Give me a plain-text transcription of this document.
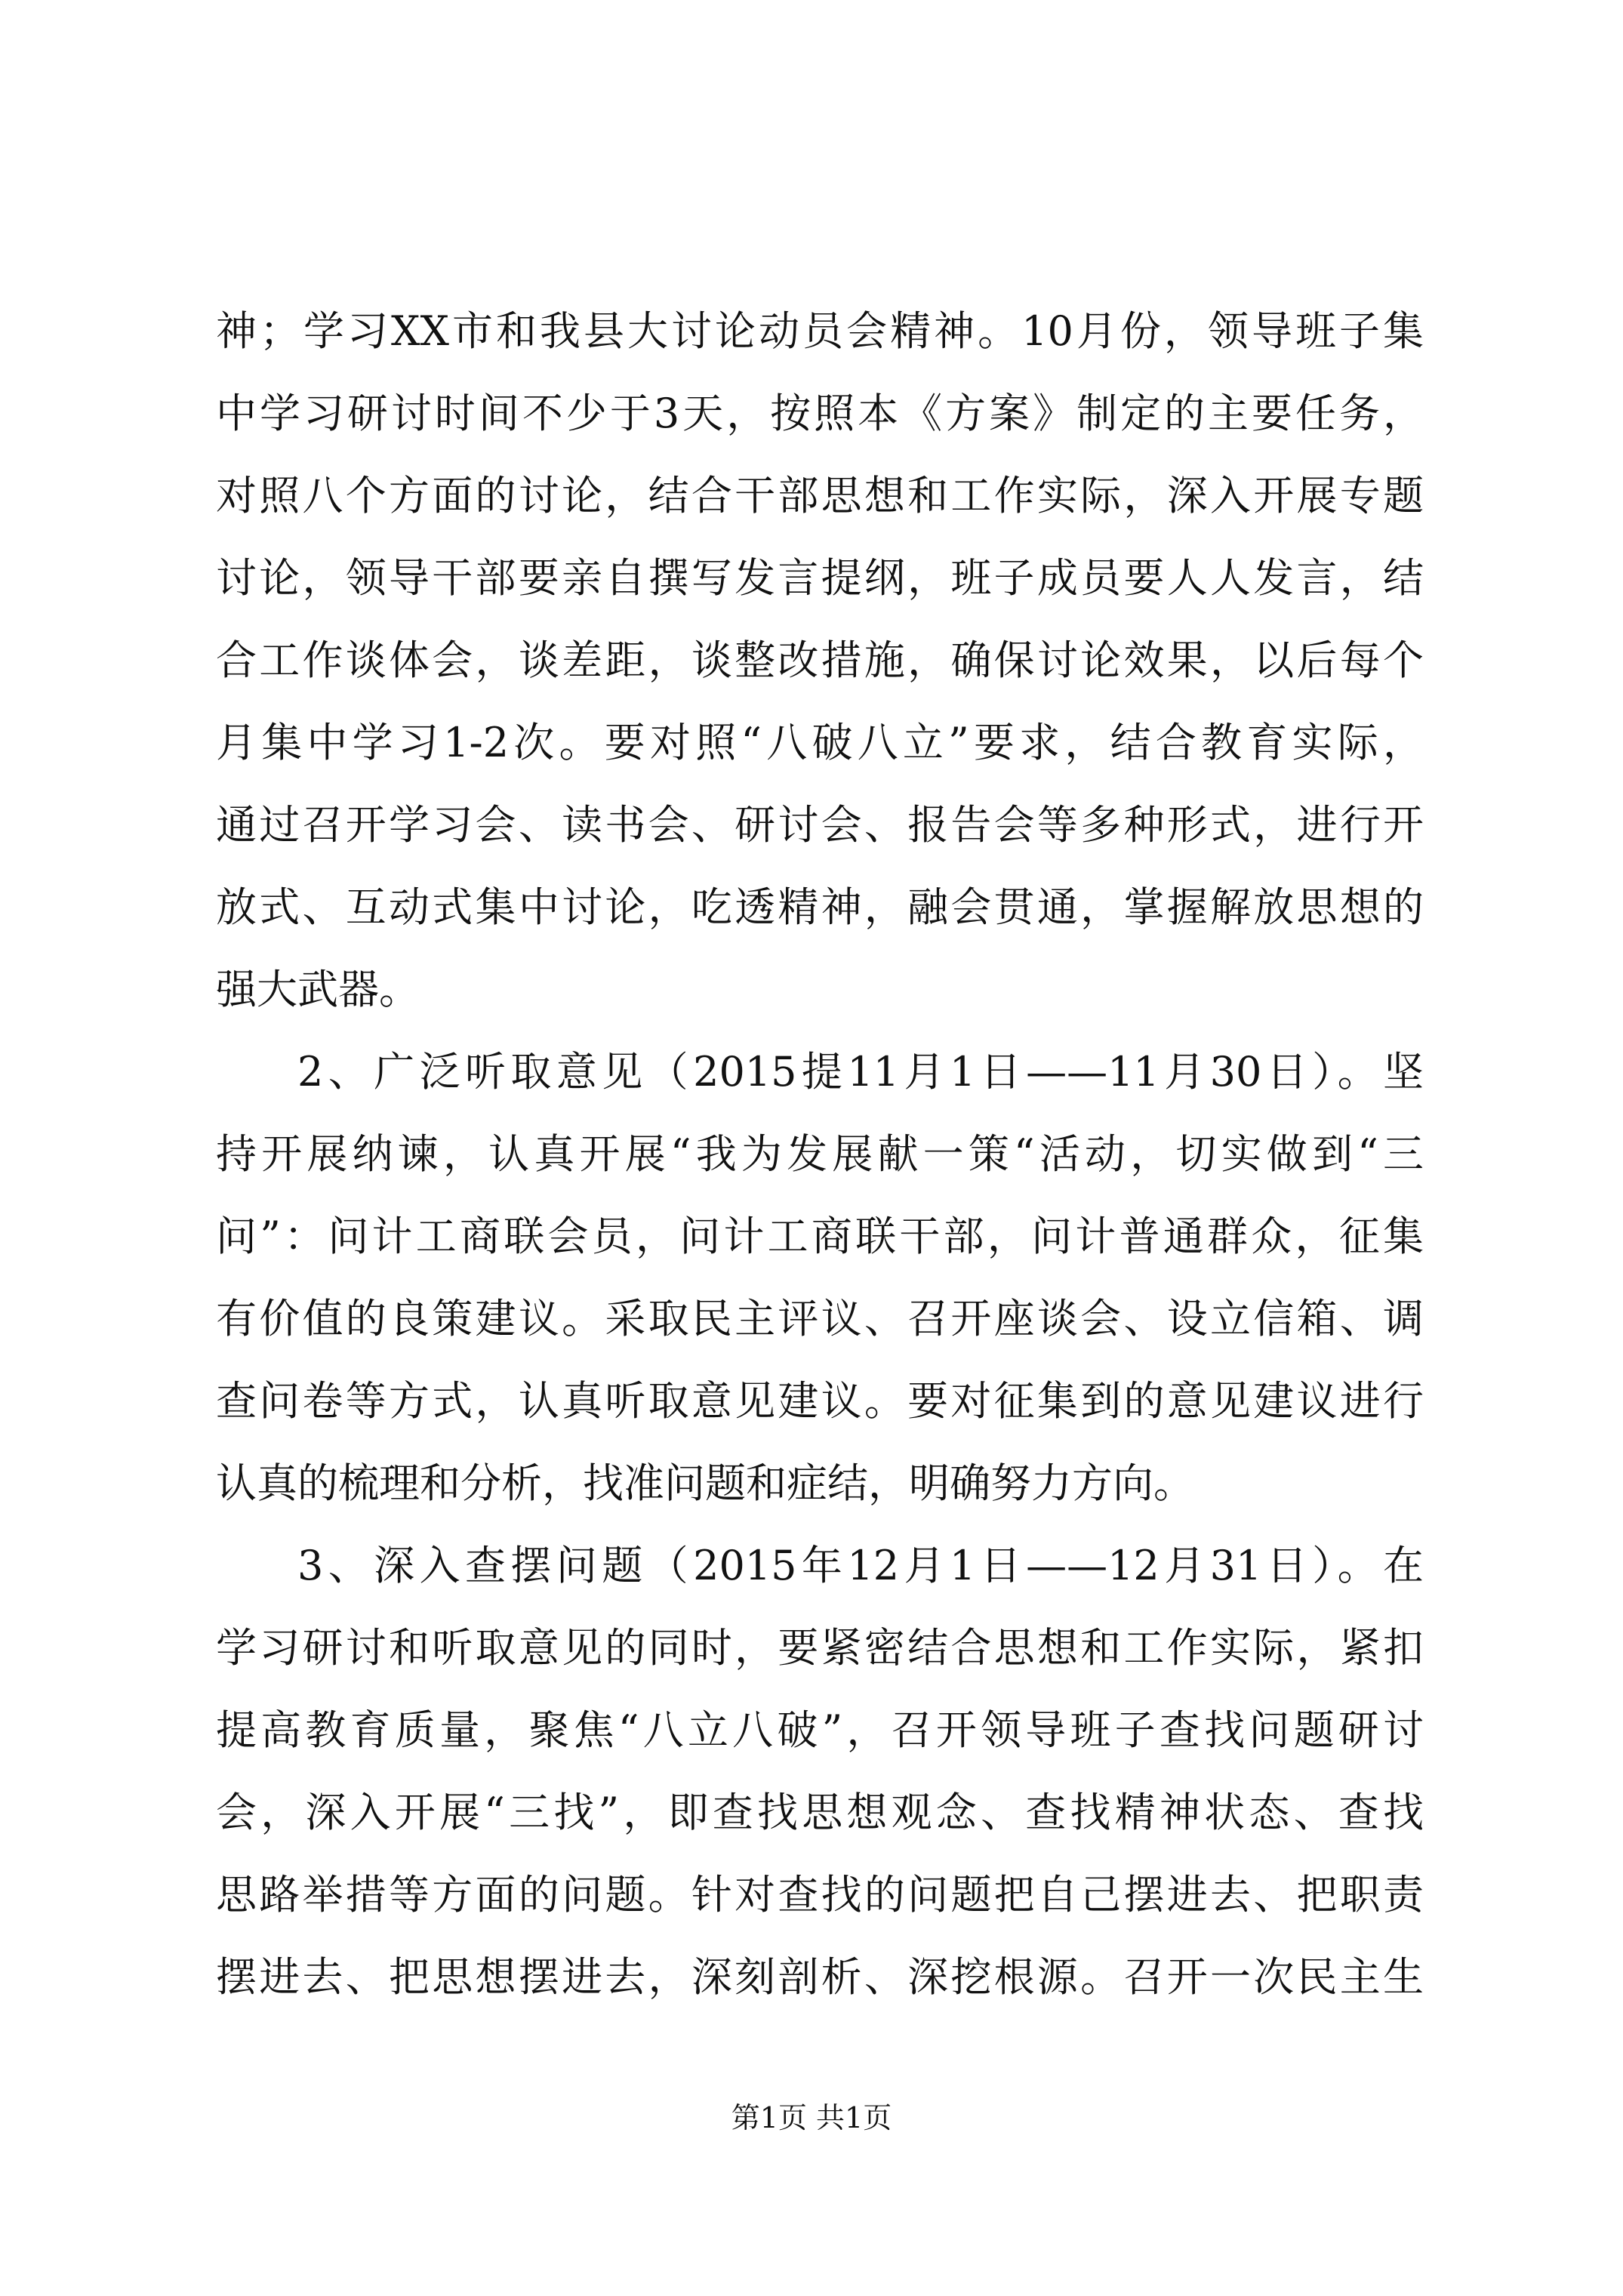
神；学习XX市和我县大讨论动员会精神。10月份，领导班子集
中学习研讨时间不少于3天，按照本《方案》制定的主要任务，
对照八个方面的讨论，结合干部思想和工作实际，深入开展专题
讨论，领导干部要亲自撰写发言提纲，班子成员要人人发言，结
合工作谈体会，谈差距，谈整改措施，确保讨论效果，以后每个
月集中学习1-2次。要对照“八破八立”要求，结合教育实际，
通过召开学习会、读书会、研讨会、报告会等多种形式，进行开
放式、互动式集中讨论，吃透精神，融会贯通，掌握解放思想的
强大武器。
2、广泛听取意见（2015提11月1日——11月30日）。坚
持开展纳谏，认真开展“我为发展献一策“活动，切实做到“三
问”：问计工商联会员，问计工商联干部，问计普通群众，征集
有价值的良策建议。采取民主评议、召开座谈会、设立信箱、调
查问卷等方式，认真听取意见建议。要对征集到的意见建议进行
认真的梳理和分析，找准问题和症结，明确努力方向。
3、深入查摆问题（2015年12月1日——12月31日）。在
学习研讨和听取意见的同时，要紧密结合思想和工作实际，紧扣
提高教育质量，聚焦“八立八破”，召开领导班子查找问题研讨
会，深入开展“三找”，即查找思想观念、查找精神状态、查找
思路举措等方面的问题。针对查找的问题把自己摆进去、把职责
摆进去、把思想摆进去，深刻剖析、深挖根源。召开一次民主生
第1页 共1页
